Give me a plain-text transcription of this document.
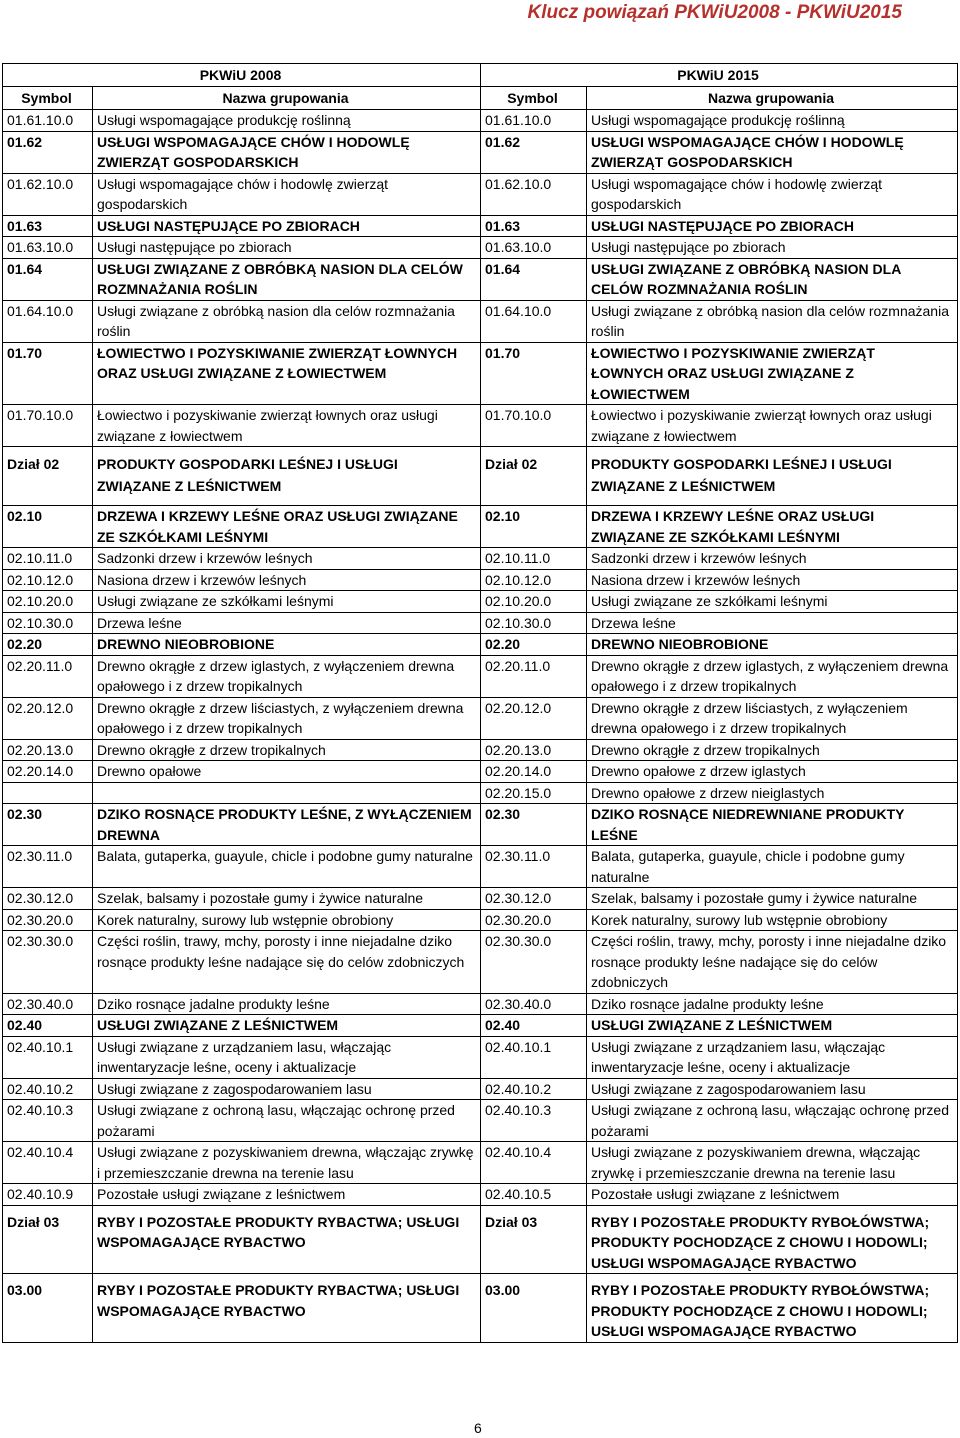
Klucz powiązań PKWiU2008 - PKWiU2015
PKWiU 2008		PKWiU 2015	
Symbol	Nazwa grupowania	Symbol	Nazwa grupowania
01.61.10.0	Usługi wspomagające produkcję roślinną	01.61.10.0	Usługi wspomagające produkcję roślinną
01.62	USŁUGI WSPOMAGAJĄCE CHÓW I HODOWLĘ ZWIERZĄT GOSPODARSKICH	01.62	USŁUGI WSPOMAGAJĄCE CHÓW I HODOWLĘ ZWIERZĄT GOSPODARSKICH
01.62.10.0	Usługi wspomagające chów i hodowlę zwierząt gospodarskich	01.62.10.0	Usługi wspomagające chów i hodowlę zwierząt gospodarskich
01.63	USŁUGI NASTĘPUJĄCE PO ZBIORACH	01.63	USŁUGI NASTĘPUJĄCE PO ZBIORACH
01.63.10.0	Usługi następujące po zbiorach	01.63.10.0	Usługi następujące po zbiorach
01.64	USŁUGI ZWIĄZANE Z OBRÓBKĄ NASION DLA CELÓW ROZMNAŻANIA ROŚLIN	01.64	USŁUGI ZWIĄZANE Z OBRÓBKĄ NASION DLA CELÓW ROZMNAŻANIA ROŚLIN
01.64.10.0	Usługi związane z obróbką nasion dla celów rozmnażania roślin	01.64.10.0	Usługi związane z obróbką nasion dla celów rozmnażania roślin
01.70	ŁOWIECTWO I POZYSKIWANIE ZWIERZĄT ŁOWNYCH ORAZ USŁUGI ZWIĄZANE Z ŁOWIECTWEM	01.70	ŁOWIECTWO I POZYSKIWANIE ZWIERZĄT ŁOWNYCH ORAZ USŁUGI ZWIĄZANE Z ŁOWIECTWEM
01.70.10.0	Łowiectwo i pozyskiwanie zwierząt łownych oraz usługi związane z łowiectwem	01.70.10.0	Łowiectwo i pozyskiwanie zwierząt łownych oraz usługi związane z łowiectwem
Dział 02	PRODUKTY GOSPODARKI LEŚNEJ I USŁUGI ZWIĄZANE Z LEŚNICTWEM	Dział 02	PRODUKTY GOSPODARKI LEŚNEJ I USŁUGI ZWIĄZANE Z LEŚNICTWEM
02.10	DRZEWA I KRZEWY LEŚNE ORAZ USŁUGI ZWIĄZANE ZE SZKÓŁKAMI LEŚNYMI	02.10	DRZEWA I KRZEWY LEŚNE ORAZ USŁUGI ZWIĄZANE ZE SZKÓŁKAMI LEŚNYMI
02.10.11.0	Sadzonki drzew i krzewów leśnych	02.10.11.0	Sadzonki drzew i krzewów leśnych
02.10.12.0	Nasiona drzew i krzewów leśnych	02.10.12.0	Nasiona drzew i krzewów leśnych
02.10.20.0	Usługi związane ze szkółkami leśnymi	02.10.20.0	Usługi związane ze szkółkami leśnymi
02.10.30.0	Drzewa leśne	02.10.30.0	Drzewa leśne
02.20	DREWNO NIEOBROBIONE	02.20	DREWNO NIEOBROBIONE
02.20.11.0	Drewno okrągłe z drzew iglastych, z wyłączeniem drewna opałowego i z drzew tropikalnych	02.20.11.0	Drewno okrągłe z drzew iglastych, z wyłączeniem drewna opałowego i z drzew tropikalnych
02.20.12.0	Drewno okrągłe z drzew liściastych, z wyłączeniem drewna opałowego i z drzew tropikalnych	02.20.12.0	Drewno okrągłe z drzew liściastych, z wyłączeniem drewna opałowego i z drzew tropikalnych
02.20.13.0	Drewno okrągłe z drzew tropikalnych	02.20.13.0	Drewno okrągłe z drzew tropikalnych
02.20.14.0	Drewno opałowe	02.20.14.0	Drewno opałowe z drzew iglastych
		02.20.15.0	Drewno opałowe z drzew nieiglastych
02.30	DZIKO ROSNĄCE PRODUKTY LEŚNE, Z WYŁĄCZENIEM DREWNA	02.30	DZIKO ROSNĄCE NIEDREWNIANE PRODUKTY LEŚNE
02.30.11.0	Balata, gutaperka, guayule, chicle i podobne gumy naturalne	02.30.11.0	Balata, gutaperka, guayule, chicle i podobne gumy naturalne
02.30.12.0	Szelak, balsamy i pozostałe gumy i żywice naturalne	02.30.12.0	Szelak, balsamy i pozostałe gumy i żywice naturalne
02.30.20.0	Korek naturalny, surowy lub wstępnie obrobiony	02.30.20.0	Korek naturalny, surowy lub wstępnie obrobiony
02.30.30.0	Części roślin, trawy, mchy, porosty i inne niejadalne dziko rosnące produkty leśne nadające się do celów zdobniczych	02.30.30.0	Części roślin, trawy, mchy, porosty i inne niejadalne dziko rosnące produkty leśne nadające się do celów zdobniczych
02.30.40.0	Dziko rosnące jadalne produkty leśne	02.30.40.0	Dziko rosnące jadalne produkty leśne
02.40	USŁUGI ZWIĄZANE Z LEŚNICTWEM	02.40	USŁUGI ZWIĄZANE Z LEŚNICTWEM
02.40.10.1	Usługi związane z urządzaniem lasu, włączając inwentaryzacje leśne, oceny i aktualizacje	02.40.10.1	Usługi związane z urządzaniem lasu, włączając inwentaryzacje leśne, oceny i aktualizacje
02.40.10.2	Usługi związane z zagospodarowaniem lasu	02.40.10.2	Usługi związane z zagospodarowaniem lasu
02.40.10.3	Usługi związane z ochroną lasu, włączając ochronę przed pożarami	02.40.10.3	Usługi związane z ochroną lasu, włączając ochronę przed pożarami
02.40.10.4	Usługi związane z pozyskiwaniem drewna, włączając zrywkę i przemieszczanie drewna na terenie lasu	02.40.10.4	Usługi związane z pozyskiwaniem drewna, włączając zrywkę i przemieszczanie drewna na terenie lasu
02.40.10.9	Pozostałe usługi związane z leśnictwem	02.40.10.5	Pozostałe usługi związane z leśnictwem
Dział 03	RYBY I POZOSTAŁE PRODUKTY RYBACTWA; USŁUGI WSPOMAGAJĄCE RYBACTWO	Dział 03	RYBY I POZOSTAŁE PRODUKTY RYBOŁÓWSTWA; PRODUKTY POCHODZĄCE Z CHOWU I HODOWLI; USŁUGI WSPOMAGAJĄCE RYBACTWO
03.00	RYBY I POZOSTAŁE PRODUKTY RYBACTWA; USŁUGI WSPOMAGAJĄCE RYBACTWO	03.00	RYBY I POZOSTAŁE PRODUKTY RYBOŁÓWSTWA; PRODUKTY POCHODZĄCE Z CHOWU I HODOWLI; USŁUGI WSPOMAGAJĄCE RYBACTWO
6
